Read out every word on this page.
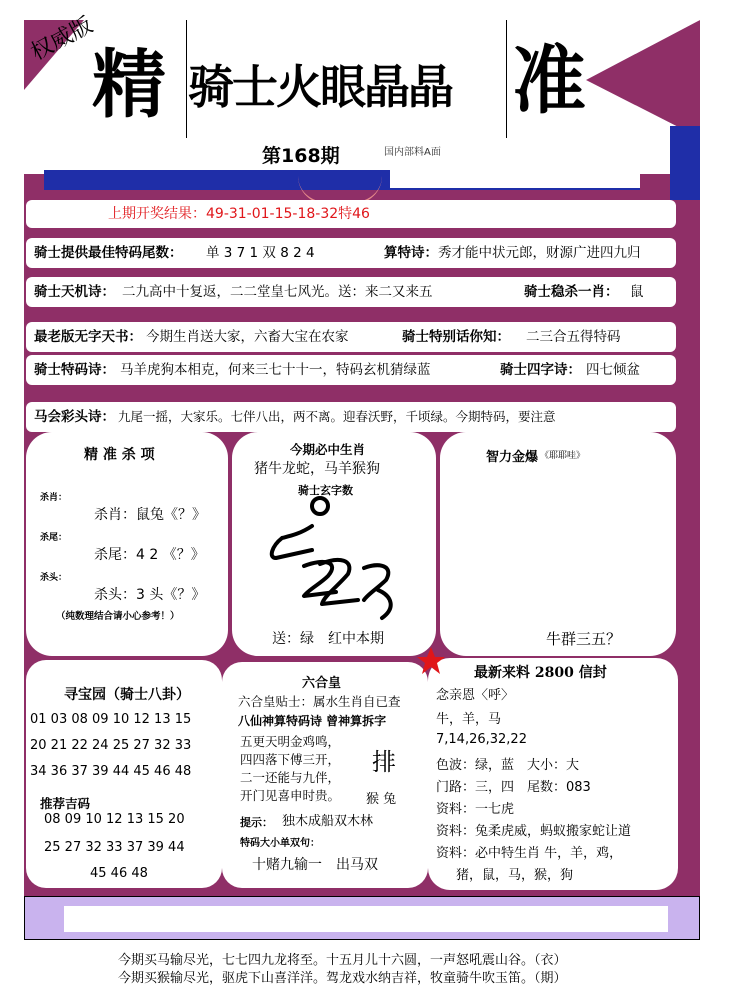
权威版
精 骑士火眼晶晶 准
第168期	国内部料A面
上期开奖结果：49-31-01-15-18-32特46
骑士提供最佳特码尾数： 单 3 7 1 双 8 2 4	算特诗： 秀才能中状元郎，财源广进四九归
骑士天机诗： 二九高中十复返，二二堂皇七风光。送：来二又来五	骑士稳杀一肖： 鼠
最老版无字天书： 今期生肖送大家，六畜大宝在农家	骑士特别话你知： 二三合五得特码
骑士特码诗： 马羊虎狗本相克，何来三七十十一，特码玄机猜绿蓝	骑士四字诗： 四七倾盆
马会彩头诗： 九尾一摇，大家乐。七伴八出，两不离。迎春沃野，千顷绿。今期特码，要注意
精 准 杀 项
杀肖：
杀肖：鼠兔《？》
杀尾：
杀尾：4 2 《？》
杀头：
杀头：3 头《？》
（纯数理结合请小心参考！）
今期必中生肖
猪牛龙蛇，马羊猴狗
骑士玄字数
送：绿　红中本期
智力金爆 《耶耶哇》
牛群三五？
寻宝园（骑士八卦）
01 03 08 09 10 12 13 15
20 21 22 24 25 27 32 33
34 36 37 39 44 45 46 48
推荐吉码
08 09 10 12 13 15 20
25 27 32 33 37 39 44
45 46 48
六合皇
六合皇贴士：属水生肖自已查
八仙神算特码诗 曾神算拆字
五更天明金鸡鸣，
四四落下傅三开，
二一还能与九伴，
开门见喜申时贵。
排
猴 兔
提示： 独木成船双木林
特码大小单双句：
十赌九输一　出马双
最新来料 2800 信封
念亲恩〈呼〉
牛，羊，马
7,14,26,32,22
色波：绿，蓝　大小：大
门路：三，四　尾数：083
资料：一七虎
资料：兔柔虎威，蚂蚁搬家蛇让道
资料：必中特生肖 牛，羊，鸡，
猪，鼠，马，猴，狗
今期买马输尽光，七七四九龙将至。十五月儿十六圆，一声怒吼震山谷。（衣）
今期买猴输尽光，驱虎下山喜洋洋。驾龙戏水纳吉祥，牧童骑牛吹玉笛。（期）
